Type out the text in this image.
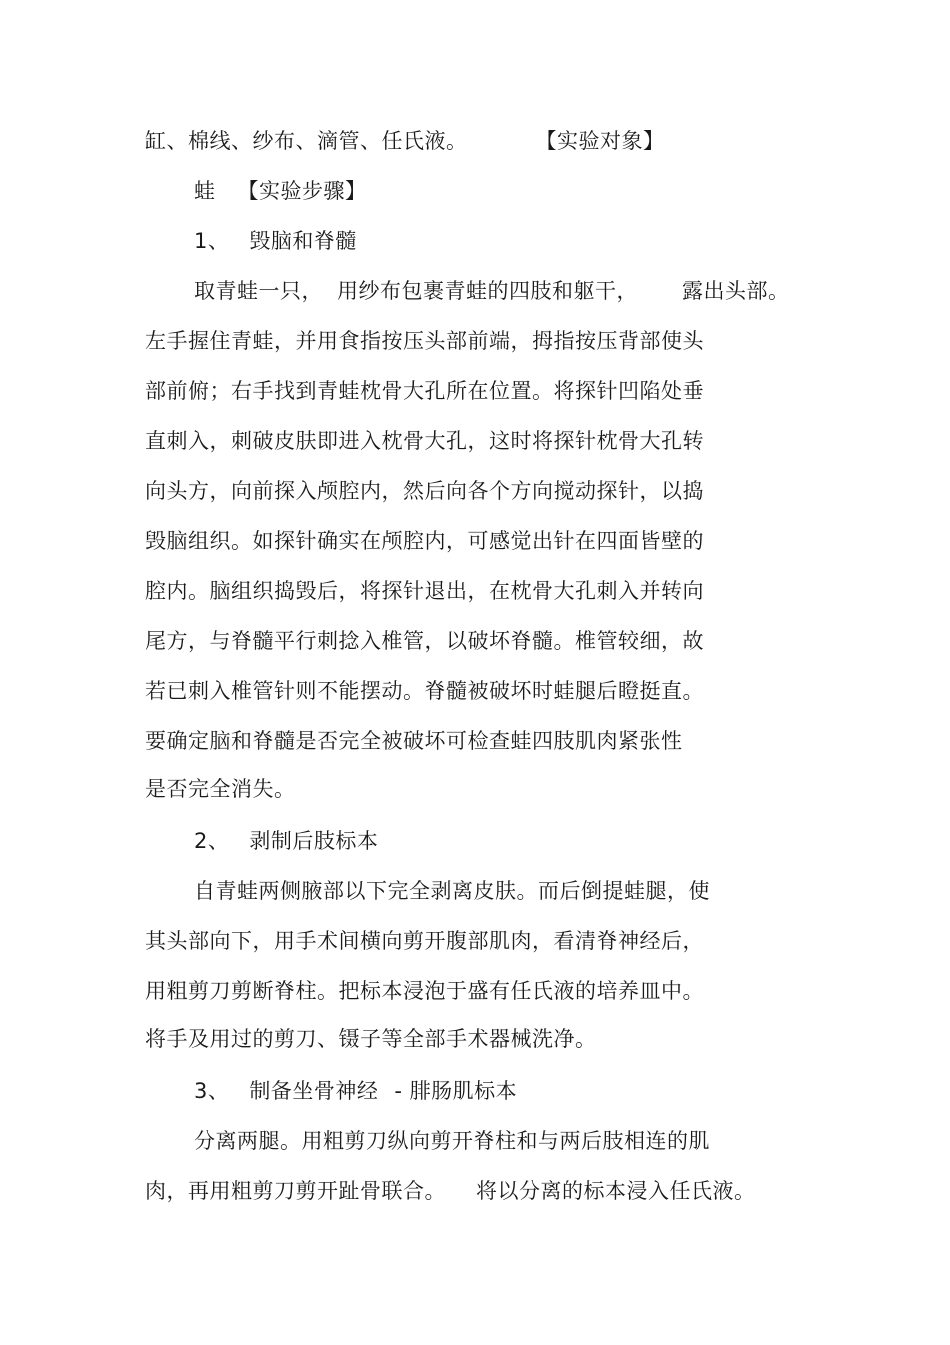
缸、棉线、纱布、滴管、任氏液。	【实验对象】
蛙 【实验步骤】
1、 毁脑和脊髓
取青蛙一只， 用纱布包裹青蛙的四肢和躯干， 露出头部。
左手握住青蛙，并用食指按压头部前端，拇指按压背部使头
部前俯；右手找到青蛙枕骨大孔所在位置。将探针凹陷处垂
直刺入，刺破皮肤即进入枕骨大孔，这时将探针枕骨大孔转
向头方，向前探入颅腔内，然后向各个方向搅动探针，以捣
毁脑组织。如探针确实在颅腔内，可感觉出针在四面皆壁的
腔内。脑组织捣毁后，将探针退出，在枕骨大孔刺入并转向
尾方，与脊髓平行刺捻入椎管，以破坏脊髓。椎管较细，故
若已刺入椎管针则不能摆动。脊髓被破坏时蛙腿后瞪挺直。
要确定脑和脊髓是否完全被破坏可检查蛙四肢肌肉紧张性
是否完全消失。
2、 剥制后肢标本
自青蛙两侧腋部以下完全剥离皮肤。而后倒提蛙腿，使
其头部向下，用手术间横向剪开腹部肌肉，看清脊神经后，
用粗剪刀剪断脊柱。把标本浸泡于盛有任氏液的培养皿中。
将手及用过的剪刀、镊子等全部手术器械洗净。
3、 制备坐骨神经 - 腓肠肌标本
分离两腿。用粗剪刀纵向剪开脊柱和与两后肢相连的肌
肉，再用粗剪刀剪开趾骨联合。 将以分离的标本浸入任氏液。
